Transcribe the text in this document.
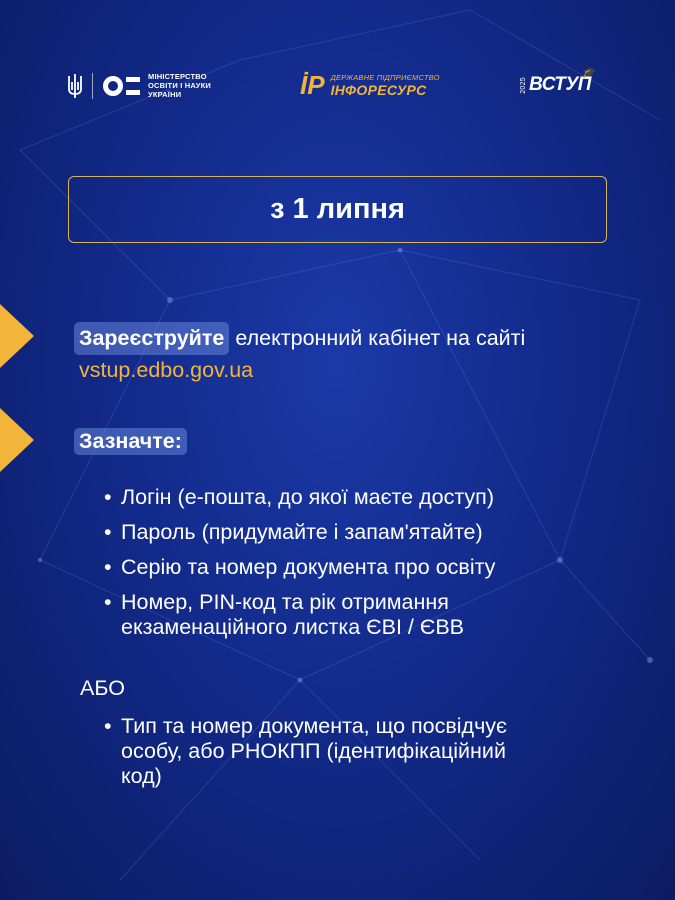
МІНІСТЕРСТВО
ОСВІТИ І НАУКИ
УКРАЇНИ	İP ДЕРЖАВНЕ ПІДПРИЄМСТВО
ІНФОРЕСУРС	2025 ВСТУП
🎓
з 1 липня
Зареєструйте електронний кабінет на сайті
vstup.edbo.gov.ua
Зазначте:
• Логін (е-пошта, до якої маєте доступ)
• Пароль (придумайте і запам'ятайте)
• Серію та номер документа про освіту
• Номер, PIN-код та рік отримання екзаменаційного листка ЄВІ / ЄВВ
АБО
• Тип та номер документа, що посвідчує особу, або РНОКПП (ідентифікаційний код)
